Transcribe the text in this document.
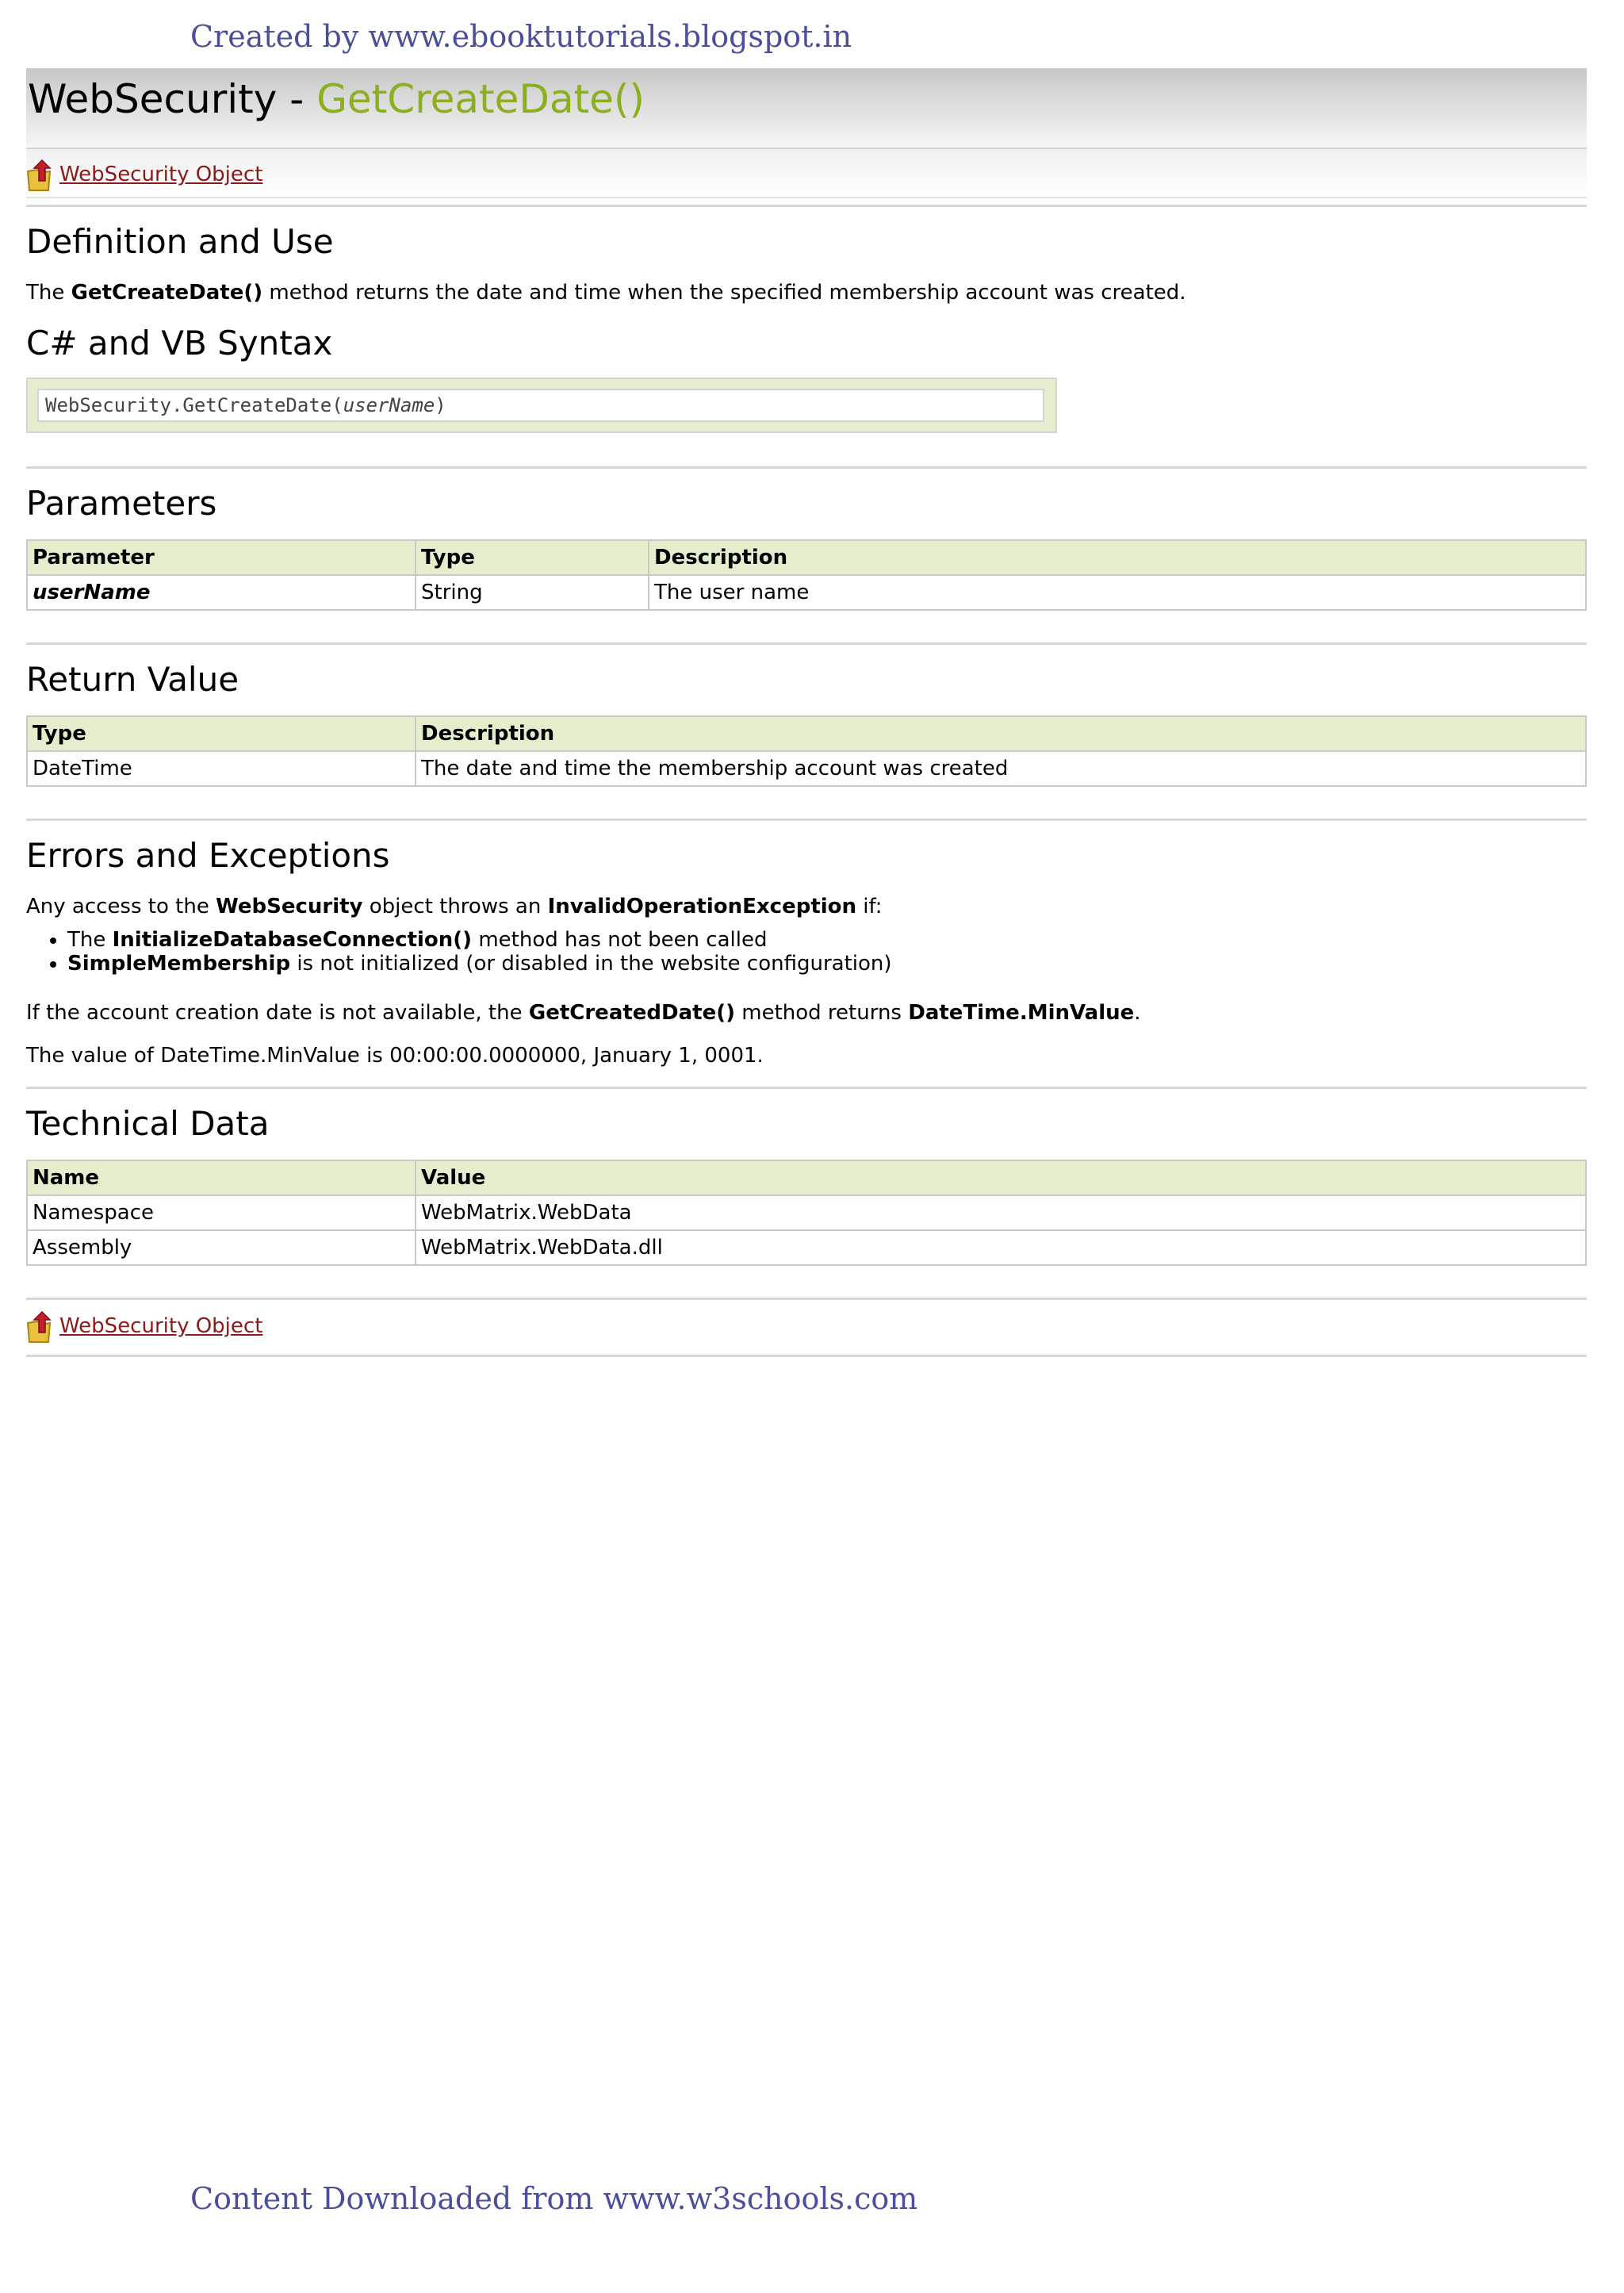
Created by www.ebooktutorials.blogspot.in
WebSecurity - GetCreateDate()
WebSecurity Object
Definition and Use

The GetCreateDate() method returns the date and time when the specified membership account was created.

C# and VB Syntax
WebSecurity.GetCreateDate(userName)
Parameters
Parameter	Type	Description
userName	String	The user name
Return Value
Type	Description
DateTime	The date and time the membership account was created
Errors and Exceptions

Any access to the WebSecurity object throws an InvalidOperationException if:

• The InitializeDatabaseConnection() method has not been called
• SimpleMembership is not initialized (or disabled in the website configuration)

If the account creation date is not available, the GetCreatedDate() method returns DateTime.MinValue.

The value of DateTime.MinValue is 00:00:00.0000000, January 1, 0001.

Technical Data
Name	Value
Namespace	WebMatrix.WebData
Assembly	WebMatrix.WebData.dll
WebSecurity Object
Content Downloaded from www.w3schools.com
